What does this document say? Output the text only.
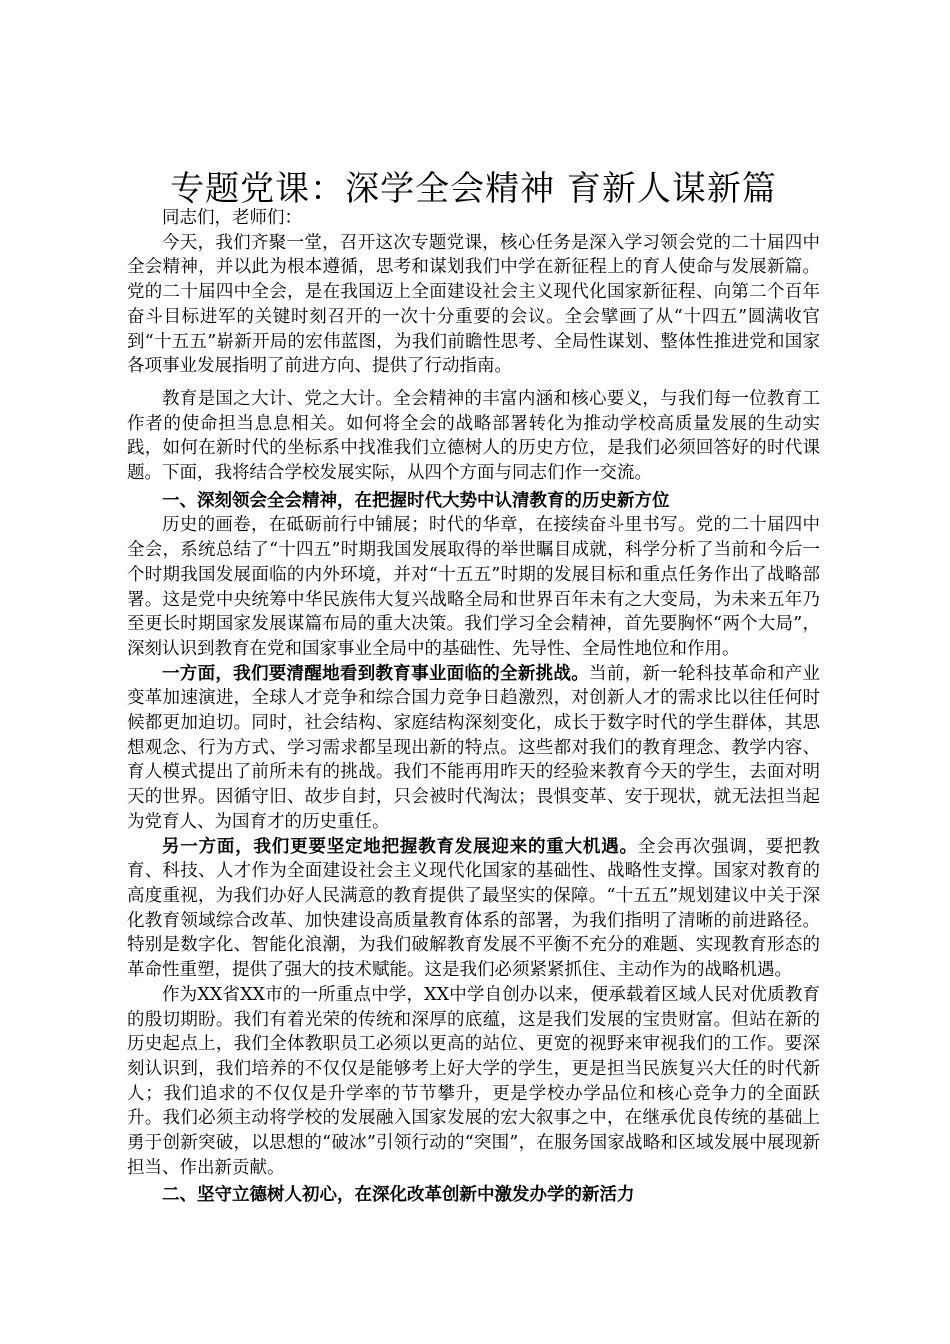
专题党课：深学全会精神 育新人谋新篇

同志们，老师们：

今天，我们齐聚一堂，召开这次专题党课，核心任务是深入学习领会党的二十届四中全会精神，并以此为根本遵循，思考和谋划我们中学在新征程上的育人使命与发展新篇。党的二十届四中全会，是在我国迈上全面建设社会主义现代化国家新征程、向第二个百年奋斗目标进军的关键时刻召开的一次十分重要的会议。全会擘画了从“十四五”圆满收官到“十五五”崭新开局的宏伟蓝图，为我们前瞻性思考、全局性谋划、整体性推进党和国家各项事业发展指明了前进方向、提供了行动指南。

教育是国之大计、党之大计。全会精神的丰富内涵和核心要义，与我们每一位教育工作者的使命担当息息相关。如何将全会的战略部署转化为推动学校高质量发展的生动实践，如何在新时代的坐标系中找准我们立德树人的历史方位，是我们必须回答好的时代课题。下面，我将结合学校发展实际，从四个方面与同志们作一交流。

一、深刻领会全会精神，在把握时代大势中认清教育的历史新方位

历史的画卷，在砥砺前行中铺展；时代的华章，在接续奋斗里书写。党的二十届四中全会，系统总结了“十四五”时期我国发展取得的举世瞩目成就，科学分析了当前和今后一个时期我国发展面临的内外环境，并对“十五五”时期的发展目标和重点任务作出了战略部署。这是党中央统筹中华民族伟大复兴战略全局和世界百年未有之大变局，为未来五年乃至更长时期国家发展谋篇布局的重大决策。我们学习全会精神，首先要胸怀“两个大局”，深刻认识到教育在党和国家事业全局中的基础性、先导性、全局性地位和作用。

一方面，我们要清醒地看到教育事业面临的全新挑战。当前，新一轮科技革命和产业变革加速演进，全球人才竞争和综合国力竞争日趋激烈，对创新人才的需求比以往任何时候都更加迫切。同时，社会结构、家庭结构深刻变化，成长于数字时代的学生群体，其思想观念、行为方式、学习需求都呈现出新的特点。这些都对我们的教育理念、教学内容、育人模式提出了前所未有的挑战。我们不能再用昨天的经验来教育今天的学生，去面对明天的世界。因循守旧、故步自封，只会被时代淘汰；畏惧变革、安于现状，就无法担当起为党育人、为国育才的历史重任。

另一方面，我们更要坚定地把握教育发展迎来的重大机遇。全会再次强调，要把教育、科技、人才作为全面建设社会主义现代化国家的基础性、战略性支撑。国家对教育的高度重视，为我们办好人民满意的教育提供了最坚实的保障。“十五五”规划建议中关于深化教育领域综合改革、加快建设高质量教育体系的部署，为我们指明了清晰的前进路径。特别是数字化、智能化浪潮，为我们破解教育发展不平衡不充分的难题、实现教育形态的革命性重塑，提供了强大的技术赋能。这是我们必须紧紧抓住、主动作为的战略机遇。

作为XX省XX市的一所重点中学，XX中学自创办以来，便承载着区域人民对优质教育的殷切期盼。我们有着光荣的传统和深厚的底蕴，这是我们发展的宝贵财富。但站在新的历史起点上，我们全体教职员工必须以更高的站位、更宽的视野来审视我们的工作。要深刻认识到，我们培养的不仅仅是能够考上好大学的学生，更是担当民族复兴大任的时代新人；我们追求的不仅仅是升学率的节节攀升，更是学校办学品位和核心竞争力的全面跃升。我们必须主动将学校的发展融入国家发展的宏大叙事之中，在继承优良传统的基础上勇于创新突破，以思想的“破冰”引领行动的“突围”，在服务国家战略和区域发展中展现新担当、作出新贡献。

二、坚守立德树人初心，在深化改革创新中激发办学的新活力
